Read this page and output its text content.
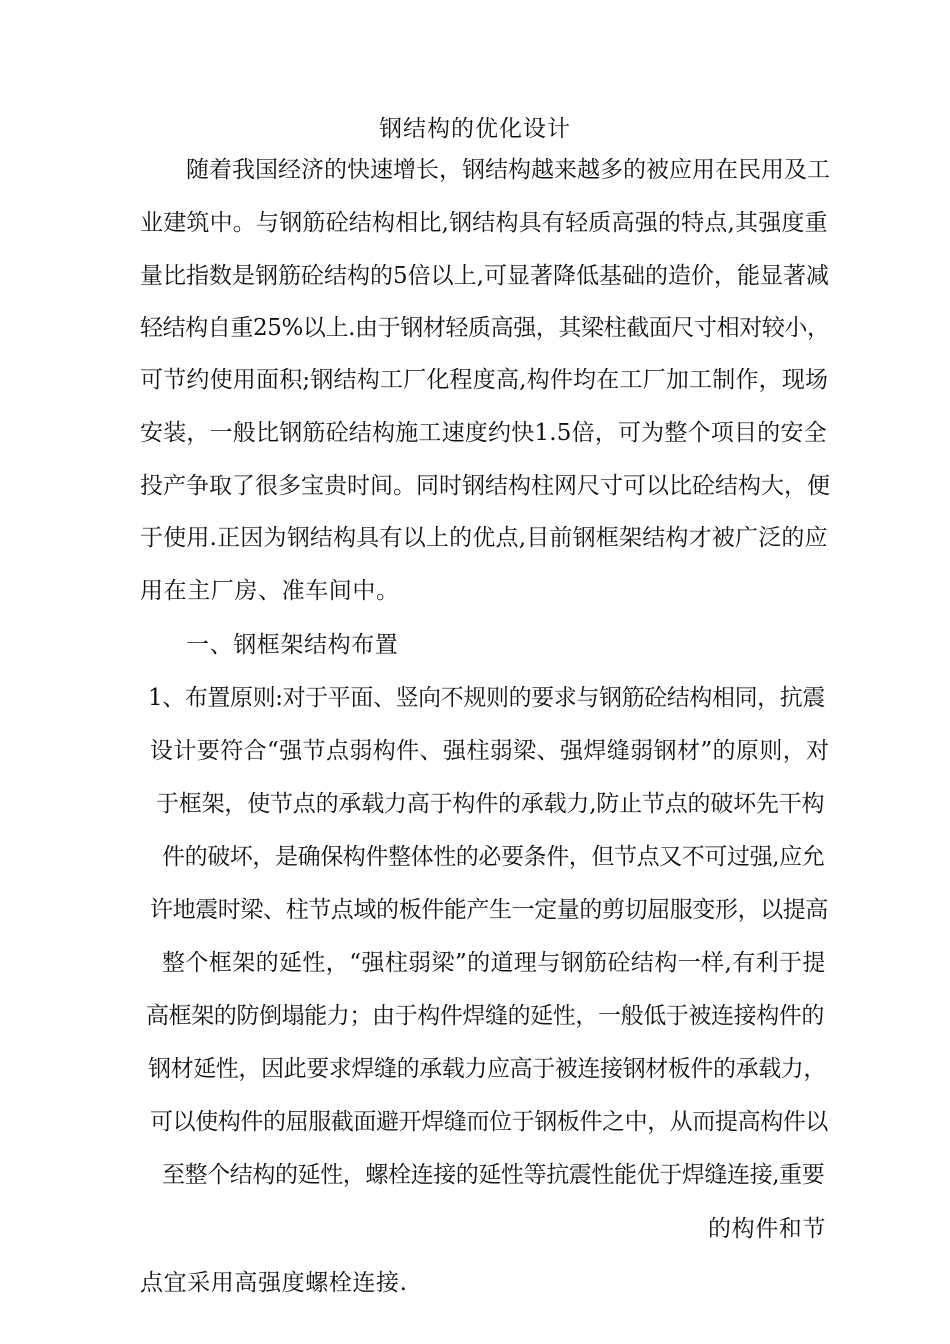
钢结构的优化设计
随着我国经济的快速增长，钢结构越来越多的被应用在民用及工
业建筑中。与钢筋砼结构相比,钢结构具有轻质高强的特点,其强度重
量比指数是钢筋砼结构的5倍以上,可显著降低基础的造价，能显著减
轻结构自重25%以上.由于钢材轻质高强，其梁柱截面尺寸相对较小，
可节约使用面积;钢结构工厂化程度高,构件均在工厂加工制作，现场
安装，一般比钢筋砼结构施工速度约快1.5倍，可为整个项目的安全
投产争取了很多宝贵时间。同时钢结构柱网尺寸可以比砼结构大，便
于使用.正因为钢结构具有以上的优点,目前钢框架结构才被广泛的应
用在主厂房、准车间中。
一、钢框架结构布置
1、布置原则:对于平面、竖向不规则的要求与钢筋砼结构相同，抗震
设计要符合“强节点弱构件、强柱弱梁、强焊缝弱钢材”的原则，对
于框架，使节点的承载力高于构件的承载力,防止节点的破坏先干构
件的破坏，是确保构件整体性的必要条件，但节点又不可过强,应允
许地震时梁、柱节点域的板件能产生一定量的剪切屈服变形，以提高
整个框架的延性，“强柱弱梁”的道理与钢筋砼结构一样,有利于提
高框架的防倒塌能力；由于构件焊缝的延性，一般低于被连接构件的
钢材延性，因此要求焊缝的承载力应高于被连接钢材板件的承载力，
可以使构件的屈服截面避开焊缝而位于钢板件之中，从而提高构件以
至整个结构的延性，螺栓连接的延性等抗震性能优于焊缝连接,重要
的构件和节
点宜采用高强度螺栓连接.
